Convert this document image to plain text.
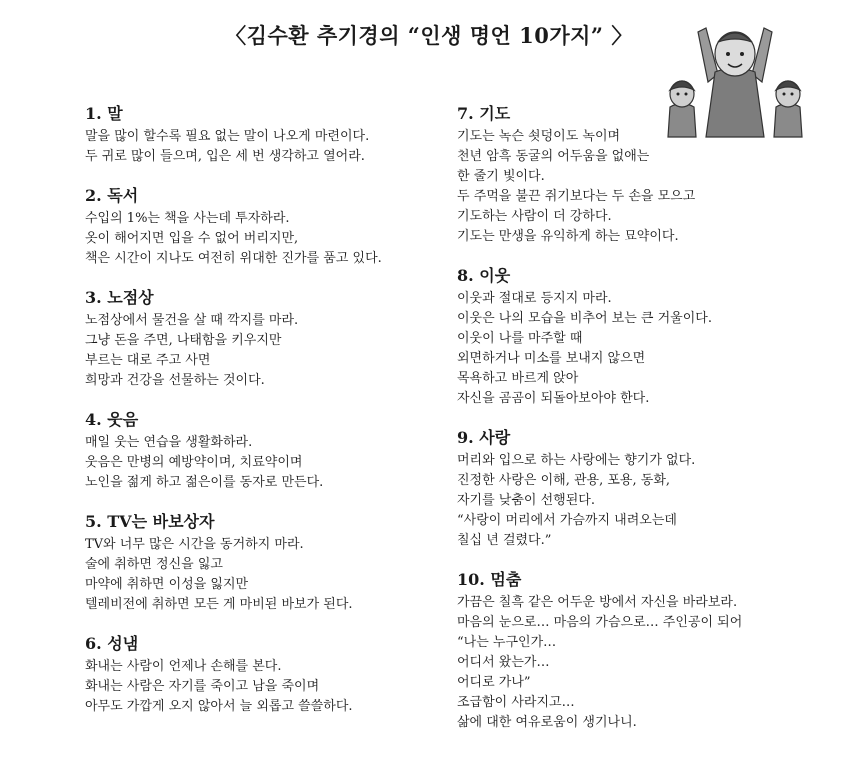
〈김수환 추기경의 “인생 명언 10가지” 〉
1. 말
말을 많이 할수록 필요 없는 말이 나오게 마련이다.
두 귀로 많이 들으며, 입은 세 번 생각하고 열어라.
2. 독서
수입의 1%는 책을 사는데 투자하라.
옷이 해어지면 입을 수 없어 버리지만,
책은 시간이 지나도 여전히 위대한 진가를 품고 있다.
3. 노점상
노점상에서 물건을 살 때 깍지를 마라.
그냥 돈을 주면, 나태함을 키우지만
부르는 대로 주고 사면
희망과 건강을 선물하는 것이다.
4. 웃음
매일 웃는 연습을 생활화하라.
웃음은 만병의 예방약이며, 치료약이며
노인을 젊게 하고 젊은이를 동자로 만든다.
5. TV는 바보상자
TV와 너무 많은 시간을 동거하지 마라.
술에 취하면 정신을 잃고
마약에 취하면 이성을 잃지만
텔레비전에 취하면 모든 게 마비된 바보가 된다.
6. 성냄
화내는 사람이 언제나 손해를 본다.
화내는 사람은 자기를 죽이고 남을 죽이며
아무도 가깝게 오지 않아서 늘 외롭고 쓸쓸하다.
7. 기도
기도는 녹슨 쇳덩이도 녹이며
천년 암흑 동굴의 어두움을 없애는
한 줄기 빛이다.
두 주먹을 불끈 쥐기보다는 두 손을 모으고
기도하는 사람이 더 강하다.
기도는 만생을 유익하게 하는 묘약이다.
8. 이웃
이웃과 절대로 등지지 마라.
이웃은 나의 모습을 비추어 보는 큰 거울이다.
이웃이 나를 마주할 때
외면하거나 미소를 보내지 않으면
목욕하고 바르게 앉아
자신을 곰곰이 되돌아보아야 한다.
9. 사랑
머리와 입으로 하는 사랑에는 향기가 없다.
진정한 사랑은 이해, 관용, 포용, 동화,
자기를 낮춤이 선행된다.
“사랑이 머리에서 가슴까지 내려오는데
칠십 년 걸렸다.”
10. 멈춤
가끔은 칠흑 같은 어두운 방에서 자신을 바라보라.
마음의 눈으로… 마음의 가슴으로… 주인공이 되어
“나는 누구인가…
어디서 왔는가…
어디로 가나”
조급함이 사라지고…
삶에 대한 여유로움이 생기나니.
